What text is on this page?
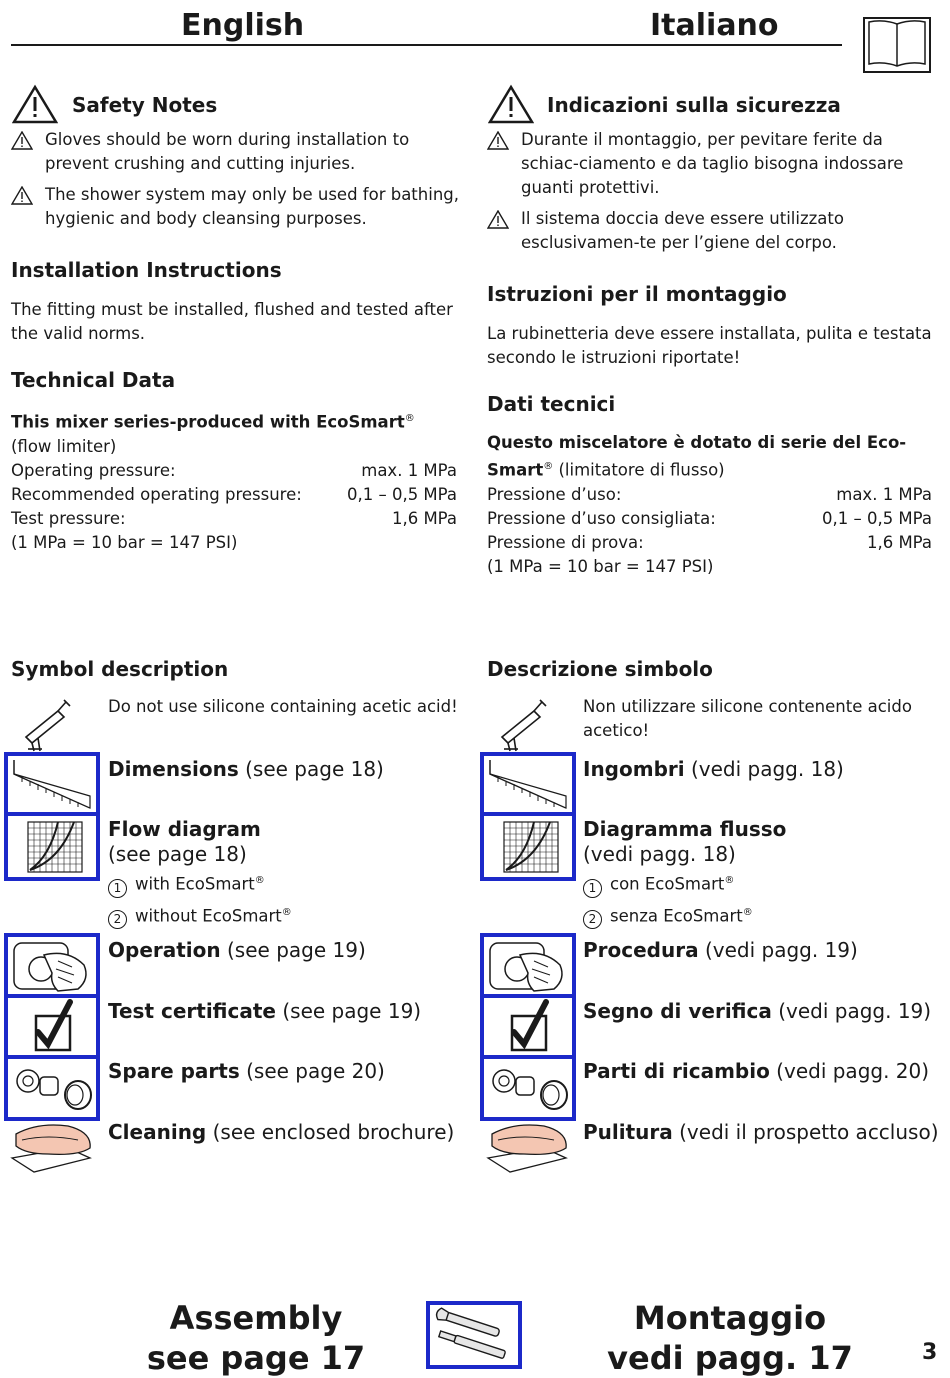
English	Italiano
Safety Notes
Gloves should be worn during installation to prevent crushing and cutting injuries.
The shower system may only be used for bathing, hygienic and body cleansing purposes.
Installation Instructions
The fitting must be installed, flushed and tested after the valid norms.
Technical Data
This mixer series-produced with EcoSmart® (flow limiter)
Operating pressure:	max. 1 MPa
Recommended operating pressure:	0,1 – 0,5 MPa
Test pressure:	1,6 MPa
(1 MPa = 10 bar = 147 PSI)
Indicazioni sulla sicurezza
Durante il montaggio, per pevitare ferite da schiac-ciamento e da taglio bisogna indossare guanti protettivi.
Il sistema doccia deve essere utilizzato esclusivamen-te per l’giene del corpo.
Istruzioni per il montaggio
La rubinetteria deve essere installata, pulita e testata secondo le istruzioni riportate!
Dati tecnici
Questo miscelatore è dotato di serie del Eco-Smart® (limitatore di flusso)
Pressione d’uso:	max. 1 MPa
Pressione d’uso consigliata:	0,1 – 0,5 MPa
Pressione di prova:	1,6 MPa
(1 MPa = 10 bar = 147 PSI)
Symbol description
Do not use silicone containing acetic acid!
Dimensions (see page 18)
Flow diagram
(see page 18)
1 with EcoSmart®
2 without EcoSmart®
Operation (see page 19)
Test certificate (see page 19)
Spare parts (see page 20)
Cleaning (see enclosed brochure)
Descrizione simbolo
Non utilizzare silicone contenente acido acetico!
Ingombri (vedi pagg. 18)
Diagramma flusso
(vedi pagg. 18)
1 con EcoSmart®
2 senza EcoSmart®
Procedura (vedi pagg. 19)
Segno di verifica (vedi pagg. 19)
Parti di ricambio (vedi pagg. 20)
Pulitura (vedi il prospetto accluso)
Assembly
see page 17
Montaggio
vedi pagg. 17	3
